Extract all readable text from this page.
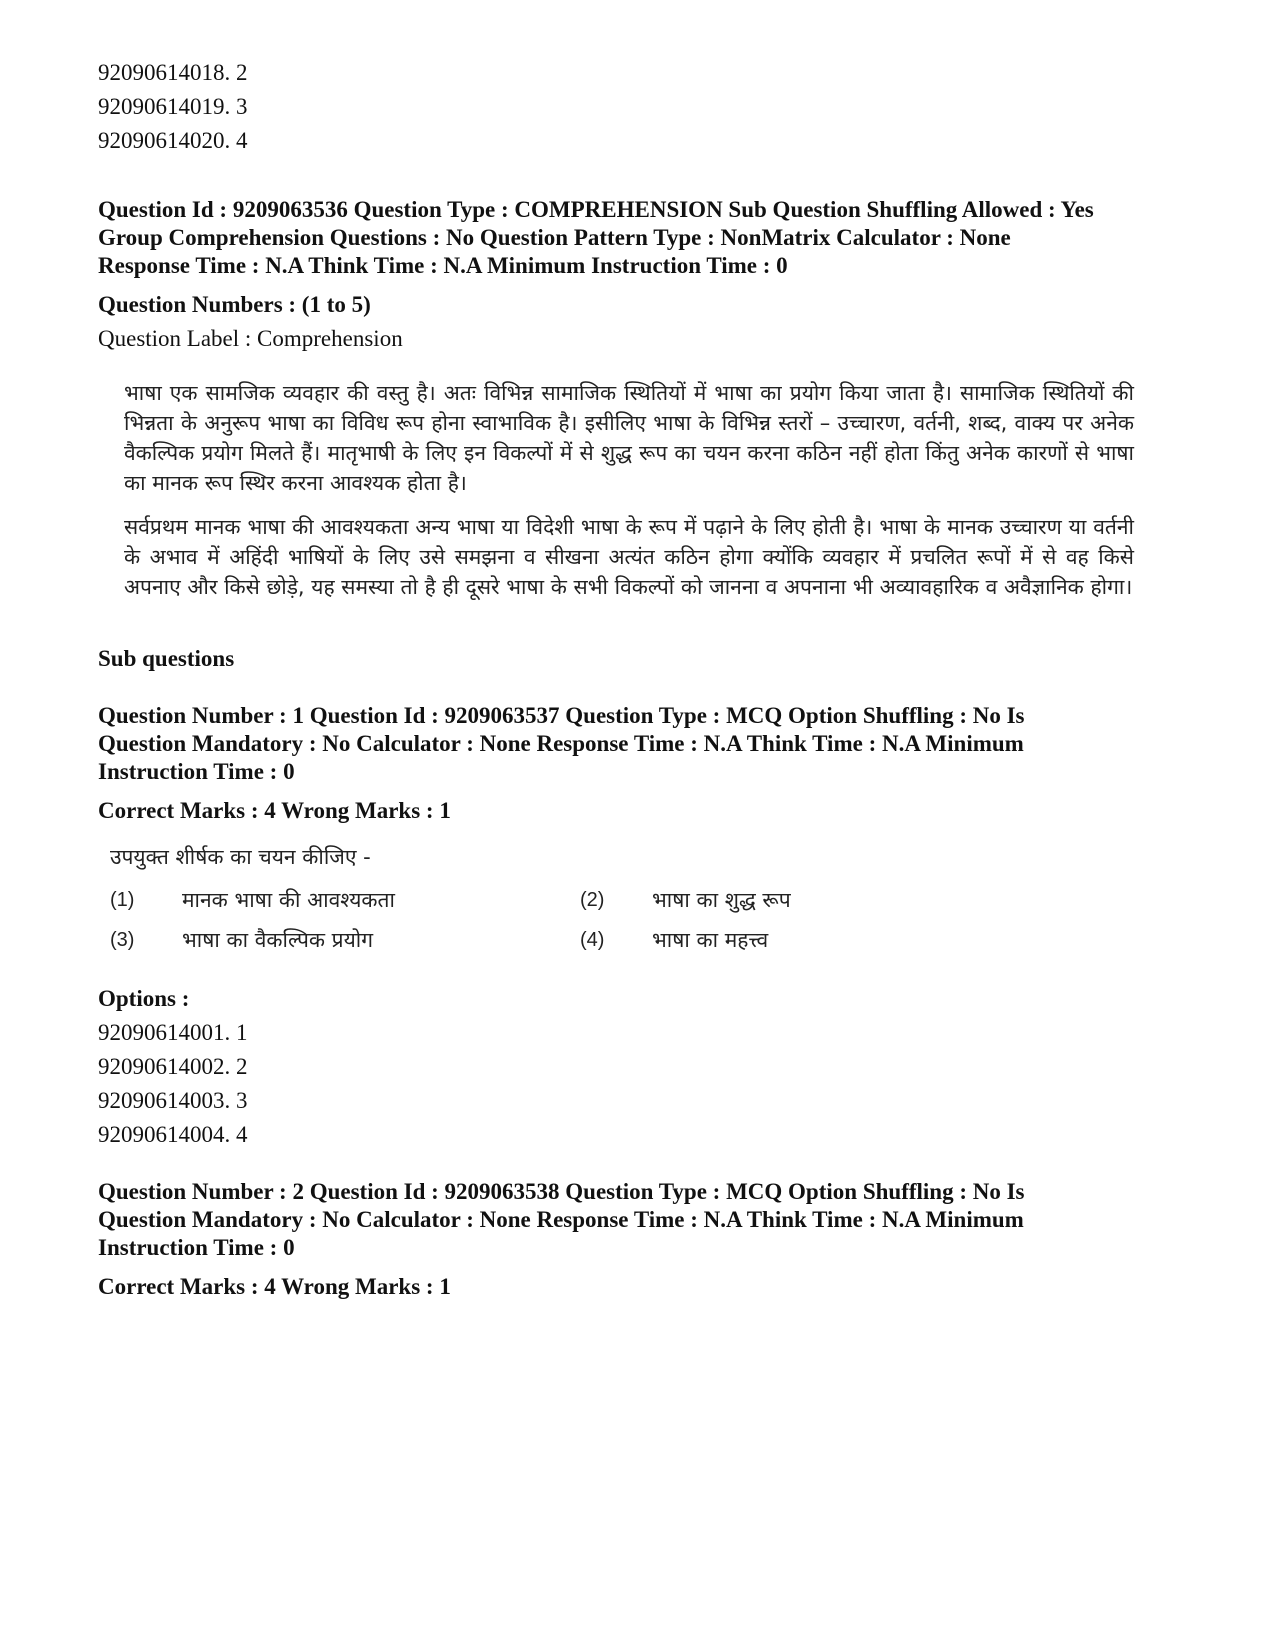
92090614018. 2
92090614019. 3
92090614020. 4
Question Id : 9209063536 Question Type : COMPREHENSION Sub Question Shuffling Allowed : Yes
Group Comprehension Questions : No Question Pattern Type : NonMatrix Calculator : None
Response Time : N.A Think Time : N.A Minimum Instruction Time : 0
Question Numbers : (1 to 5)
Question Label : Comprehension

भाषा एक सामजिक व्यवहार की वस्तु है। अतः विभिन्न सामाजिक स्थितियों में भाषा का प्रयोग किया जाता है। सामाजिक स्थितियों की भिन्नता के अनुरूप भाषा का विविध रूप होना स्वाभाविक है। इसीलिए भाषा के विभिन्न स्तरों – उच्चारण, वर्तनी, शब्द, वाक्य पर अनेक वैकल्पिक प्रयोग मिलते हैं। मातृभाषी के लिए इन विकल्पों में से शुद्ध रूप का चयन करना कठिन नहीं होता किंतु अनेक कारणों से भाषा का मानक रूप स्थिर करना आवश्यक होता है।

सर्वप्रथम मानक भाषा की आवश्यकता अन्य भाषा या विदेशी भाषा के रूप में पढ़ाने के लिए होती है। भाषा के मानक उच्चारण या वर्तनी के अभाव में अहिंदी भाषियों के लिए उसे समझना व सीखना अत्यंत कठिन होगा क्योंकि व्यवहार में प्रचलित रूपों में से वह किसे अपनाए और किसे छोड़े, यह समस्या तो है ही दूसरे भाषा के सभी विकल्पों को जानना व अपनाना भी अव्यावहारिक व अवैज्ञानिक होगा।

Sub questions
Question Number : 1 Question Id : 9209063537 Question Type : MCQ Option Shuffling : No Is
Question Mandatory : No Calculator : None Response Time : N.A Think Time : N.A Minimum
Instruction Time : 0
Correct Marks : 4 Wrong Marks : 1
उपयुक्त शीर्षक का चयन कीजिए -
(1)	मानक भाषा की आवश्यकता	(2)	भाषा का शुद्ध रूप
(3)	भाषा का वैकल्पिक प्रयोग	(4)	भाषा का महत्त्व
Options :
92090614001. 1
92090614002. 2
92090614003. 3
92090614004. 4
Question Number : 2 Question Id : 9209063538 Question Type : MCQ Option Shuffling : No Is
Question Mandatory : No Calculator : None Response Time : N.A Think Time : N.A Minimum
Instruction Time : 0
Correct Marks : 4 Wrong Marks : 1
